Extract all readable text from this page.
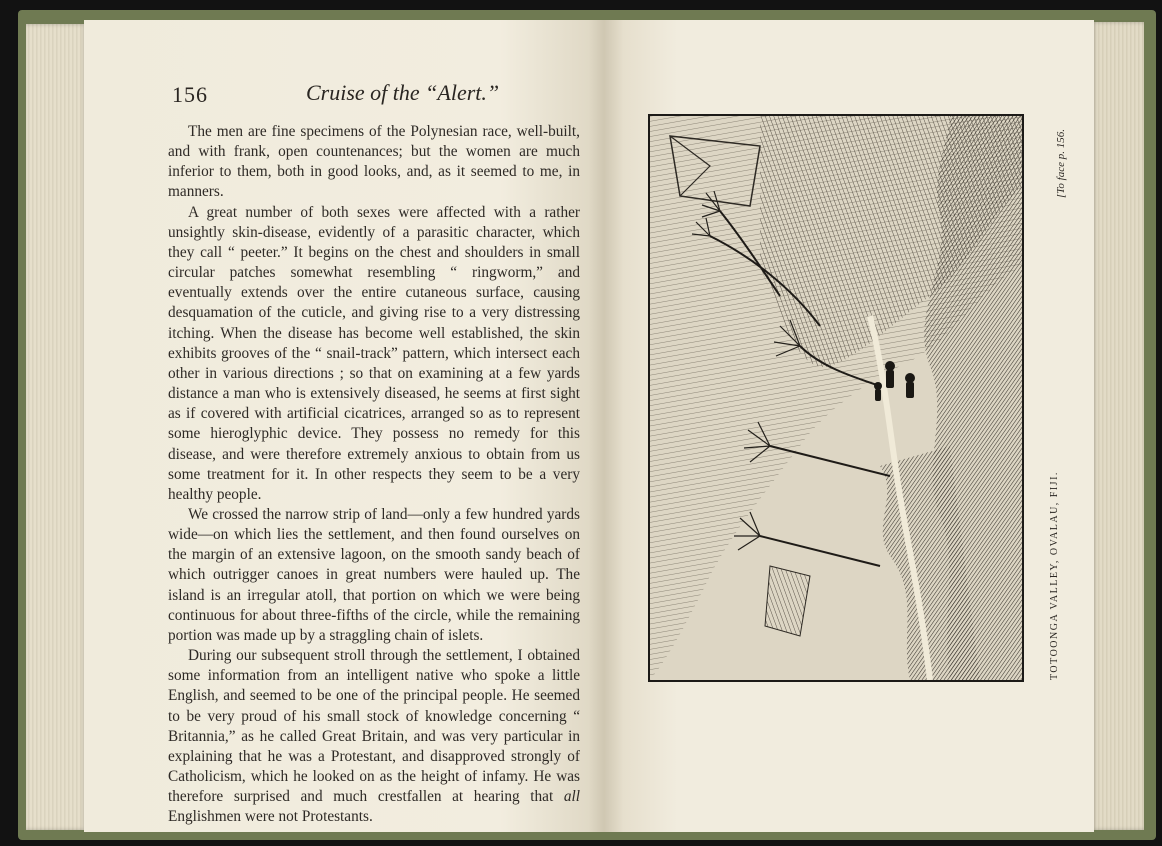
156	Cruise of the “Alert.”

The men are fine specimens of the Polynesian race, well-built, and with frank, open countenances; but the women are much inferior to them, both in good looks, and, as it seemed to me, in manners.

A great number of both sexes were affected with a rather unsightly skin-disease, evidently of a parasitic character, which they call “ peeter.” It begins on the chest and shoulders in small circular patches somewhat resembling “ ringworm,” and eventually extends over the entire cutaneous surface, causing desquamation of the cuticle, and giving rise to a very distressing itching. When the disease has become well established, the skin exhibits grooves of the “ snail-track” pattern, which intersect each other in various directions ; so that on examining at a few yards distance a man who is extensively diseased, he seems at first sight as if covered with artificial cicatrices, arranged so as to represent some hieroglyphic device. They possess no remedy for this disease, and were therefore extremely anxious to obtain from us some treatment for it. In other respects they seem to be a very healthy people.

We crossed the narrow strip of land—only a few hundred yards wide—on which lies the settlement, and then found ourselves on the margin of an extensive lagoon, on the smooth sandy beach of which outrigger canoes in great numbers were hauled up. The island is an irregular atoll, that portion on which we were being continuous for about three-fifths of the circle, while the remaining portion was made up by a straggling chain of islets.

During our subsequent stroll through the settlement, I obtained some information from an intelligent native who spoke a little English, and seemed to be one of the principal people. He seemed to be very proud of his small stock of knowledge concerning “ Britannia,” as he called Great Britain, and was very particular in explaining that he was a Protestant, and disapproved strongly of Catholicism, which he looked on as the height of infamy. He was therefore surprised and much crestfallen at hearing that all Englishmen were not Protestants.

TOTOONGA VALLEY, OVALAU, FIJI.
[To face p. 156.
